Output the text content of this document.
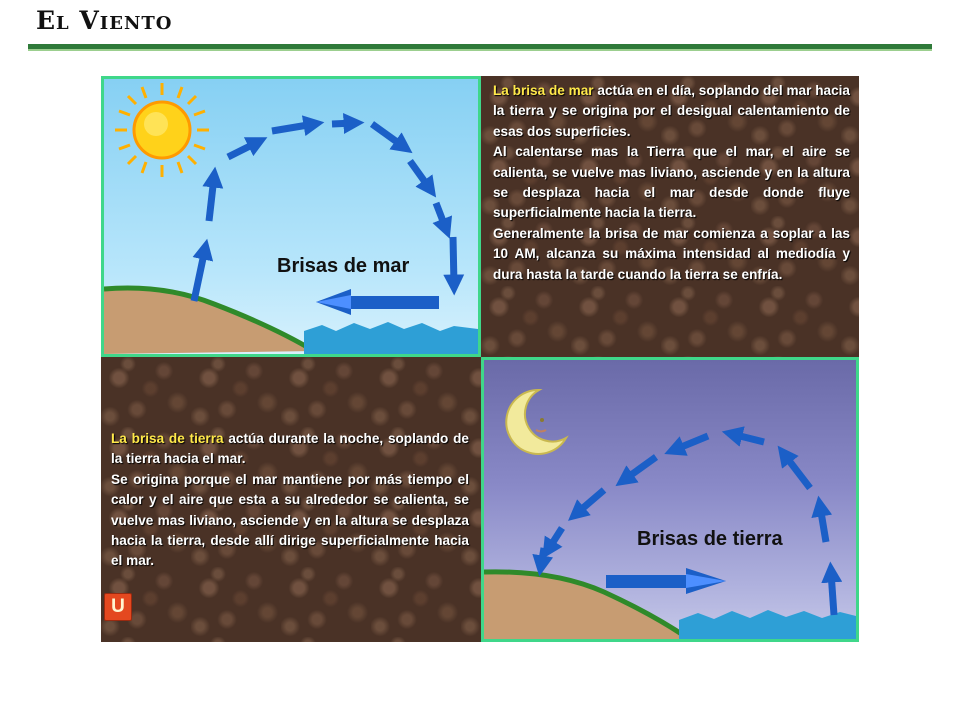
El Viento
Brisas de mar

La brisa de mar actúa en el día, soplando del mar hacia la tierra y se origina por el desigual calentamiento de esas dos superficies.

Al calentarse mas la Tierra que el mar, el aire se calienta, se vuelve mas liviano, asciende y en la altura se desplaza hacia el mar desde donde fluye superficialmente hacia la tierra.

Generalmente la brisa de mar comienza a soplar a las 10 AM, alcanza su máxima intensidad al mediodía y dura hasta la tarde cuando la tierra se enfría.

La brisa de tierra actúa durante la noche, soplando de la tierra hacia el mar.

Se origina porque el mar mantiene por más tiempo el calor y el aire que esta a su alrededor se calienta, se vuelve mas liviano, asciende y en la altura se desplaza hacia la tierra, desde allí dirige superficialmente hacia el mar.

Brisas de tierra
U
